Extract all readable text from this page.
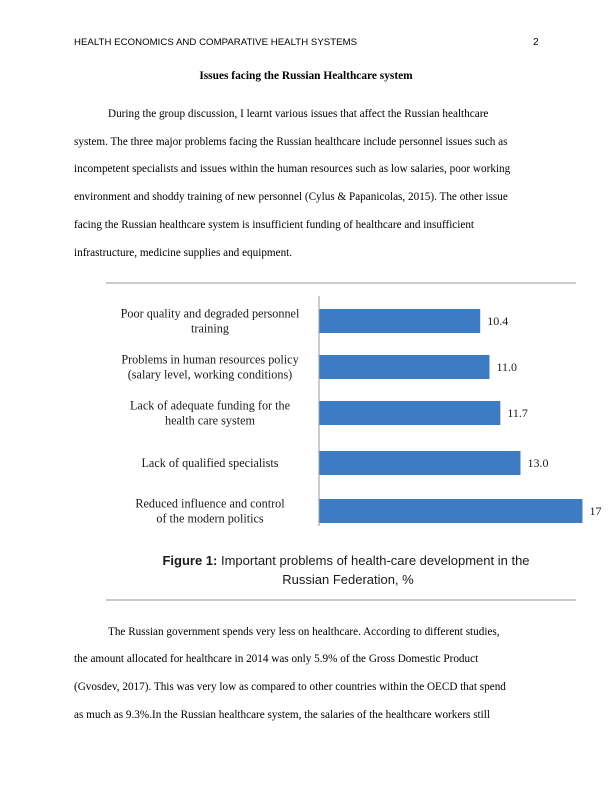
HEALTH ECONOMICS AND COMPARATIVE HEALTH SYSTEMS	2
Issues facing the Russian Healthcare system
During the group discussion, I learnt various issues that affect the Russian healthcare
system. The three major problems facing the Russian healthcare include personnel issues such as
incompetent specialists and issues within the human resources such as low salaries, poor working
environment and shoddy training of new personnel (Cylus & Papanicolas, 2015). The other issue
facing the Russian healthcare system is insufficient funding of healthcare and insufficient
infrastructure, medicine supplies and equipment.
10.4
Poor quality and degraded personnel training
11.0
Problems in human resources policy (salary level, working conditions)
11.7
Lack of adequate funding for the health care system
13.0
Lack of qualified specialists
17
Reduced influence and control of the modern politics
Figure 1: Important problems of health-care development in the
Russian Federation, %
The Russian government spends very less on healthcare. According to different studies,
the amount allocated for healthcare in 2014 was only 5.9% of the Gross Domestic Product
(Gvosdev, 2017). This was very low as compared to other countries within the OECD that spend
as much as 9.3%.In the Russian healthcare system, the salaries of the healthcare workers still
